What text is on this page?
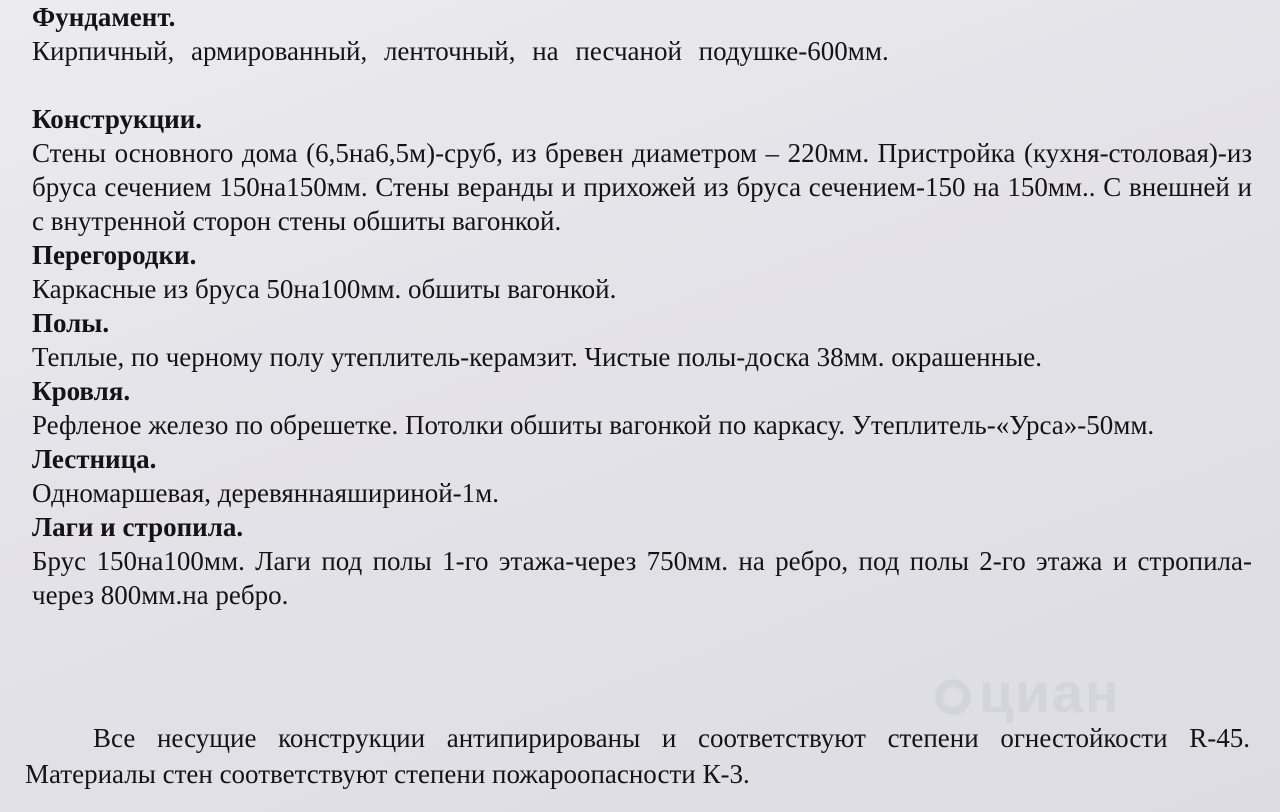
Фундамент.

Кирпичный, армированный, ленточный, на песчаной подушке-600мм.

Конструкции.

Стены основного дома (6,5на6,5м)-сруб, из бревен диаметром – 220мм. Пристройка (кухня-столовая)-из бруса сечением 150на150мм. Стены веранды и прихожей из бруса сечением-150 на 150мм.. С внешней и с внутренной сторон стены обшиты вагонкой.

Перегородки.

Каркасные из бруса 50на100мм. обшиты вагонкой.

Полы.

Теплые, по черному полу утеплитель-керамзит. Чистые полы-доска 38мм. окрашенные.

Кровля.

Рефленое железо по обрешетке. Потолки обшиты вагонкой по каркасу. Утеплитель-«Урса»-50мм.

Лестница.

Одномаршевая, деревяннаяшириной-1м.

Лаги и стропила.

Брус 150на100мм. Лаги под полы 1-го этажа-через 750мм. на ребро, под полы 2-го этажа и стропила-через 800мм.на ребро.

Все несущие конструкции антипирированы и соответствуют степени огнестойкости R-45. Материалы стен соответствуют степени пожароопасности К-3.

циан
